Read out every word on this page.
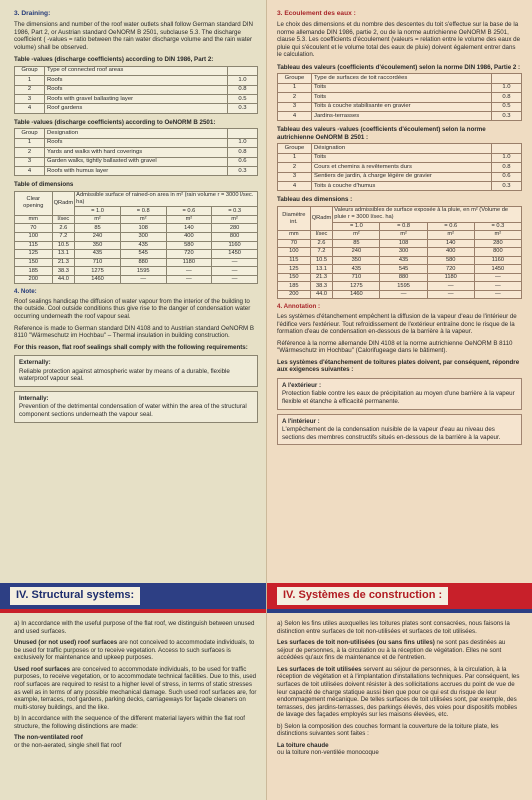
3. Draining:

The dimensions and number of the roof water outlets shall follow German standard DIN 1986, Part 2, or Austrian standard OeNORM B 2501, subclause 5.3. The discharge coefficient ( -values = ratio between the rain water discharge volume and the rain water volume) shall be observed.

Table -values (discharge coefficients) according to DIN 1986, Part 2:
Group	Type of connected roof areas	
1	Roofs	1.0
2	Roofs	0.8
3	Roofs with gravel ballasting layer	0.5
4	Roof gardens	0.3
Table -values (discharge coefficients) according to OeNORM B 2501:
Group	Designation	
1	Roofs	1.0
2	Yards and walks with hard coverings	0.8
3	Garden walks, tightly ballasted with gravel	0.6
4	Roofs with humus layer	0.3
Table of dimensions
Clear opening	QRadm	Admissible surface of rained-on area in m² (rain volume r = 3000 l/sec. ha)			
		= 1.0	= 0.8	= 0.6	= 0.3
mm	l/sec	m²	m²	m²	m²
70	2.6	85	108	140	280
100	7.2	240	300	400	800
115	10.5	350	435	580	1160
125	13.1	435	545	720	1450
150	21.3	710	880	1180	—
185	38.3	1275	1595	—	—
200	44.0	1460	—	—	—
4. Note:

Roof sealings handicap the diffusion of water vapour from the interior of the building to the outside. Cool outside conditions thus give rise to the danger of condensation water occurring underneath the roof vapour seal.

Reference is made to German standard DIN 4108 and to Austrian standard OeNORM B 8110 "Wärmeschutz im Hochbau" – Thermal insulation in building construction.

For this reason, flat roof sealings shall comply with the following requirements:

Externally:
Reliable protection against atmospheric water by means of a durable, flexible waterproof vapour seal.
Internally:
Prevention of the detrimental condensation of water within the area of the structural component sections underneath the vapour seal.
IV. Structural systems:

a) In accordance with the useful purpose of the flat roof, we distinguish between unused and used surfaces.

Unused (or not used) roof surfaces are not conceived to accommodate individuals, to be used for traffic purposes or to receive vegetation. Access to such surfaces is exclusively for maintenance and upkeep purposes.

Used roof surfaces are conceived to accommodate individuals, to be used for traffic purposes, to receive vegetation, or to accommodate technical facilities. Due to this, used roof surfaces are required to resist to a higher level of stress, in terms of static stresses as well as in terms of any possible mechanical damage. Such used roof surfaces are, for example, terraces, roof gardens, parking decks, carriageways for façade cleaners on multi-storey buildings, and the like.

b) In accordance with the sequence of the different material layers within the flat roof structure, the following distinctions are made:

The non-ventilated roof
or the non-aerated, single shell flat roof
3. Ecoulement des eaux :

Le choix des dimensions et du nombre des descentes du toit s'effectue sur la base de la norme allemande DIN 1986, partie 2, ou de la norme autrichienne OeNORM B 2501, clause 5.3. Les coefficients d'écoulement (valeurs = relation entre le volume des eaux de pluie qui s'écoulent et le volume total des eaux de pluie) doivent également entrer dans le calculation.

Tableau des valeurs (coefficients d'écoulement) selon la norme DIN 1986, Partie 2 :
Groupe	Type de surfaces de toit raccordées	
1	Toits	1.0
2	Toits	0.8
3	Toits à couche stabilisante en gravier	0.5
4	Jardins-terrasses	0.3
Tableau des valeurs -values (coefficients d'écoulement) selon la norme autrichienne OeNORM B 2501 :
Groupe	Désignation	
1	Toits	1.0
2	Cours et chemins à revêtements durs	0.8
3	Sentiers de jardin, à charge légère de gravier	0.6
4	Toits à couche d'humus	0.3
Tableau des dimensions :
Diamètre int.	QRadm	Valeurs admissibles de surface exposée à la pluie, en m² (Volume de pluie r = 3000 l/sec. ha)			
		= 1.0	= 0.8	= 0.6	= 0.3
mm	l/sec	m²	m²	m²	m²
70	2.6	85	108	140	280
100	7.2	240	300	400	800
115	10.5	350	435	580	1160
125	13.1	435	545	720	1450
150	21.3	710	880	1180	—
185	38.3	1275	1595	—	—
200	44.0	1460	—	—	—
4. Annotation :

Les systèmes d'étanchement empêchent la diffusion de la vapeur d'eau de l'intérieur de l'édifice vers l'extérieur. Tout refroidissement de l'extérieur entraîne donc le risque de la formation d'eau de condensation en-dessous de la barrière à la vapeur.

Référence à la norme allemande DIN 4108 et la norme autrichienne OeNORM B 8110 "Wärmeschutz im Hochbau" (Calorifugeage dans le bâtiment).

Les systèmes d'étanchement de toitures plates doivent, par conséquent, répondre aux exigences suivantes :

A l'extérieur :
Protection fiable contre les eaux de précipitation au moyen d'une barrière à la vapeur flexible et étanche à efficacité permanente.
A l'intérieur :
L'empêchement de la condensation nuisible de la vapeur d'eau au niveau des sections des membres constructifs situés en-dessous de la barrière à la vapeur.
IV. Systèmes de construction :

a) Selon les fins utiles auxquelles les toitures plates sont consacrées, nous faisons la distinction entre surfaces de toit non-utilisées et surfaces de toit utilisées.

Les surfaces de toit non-utilisées (ou sans fins utiles) ne sont pas destinées au séjour de personnes, à la circulation ou à la réception de végétation. Elles ne sont accédées qu'aux fins de maintenance et de l'entretien.

Les surfaces de toit utilisées servent au séjour de personnes, à la circulation, à la réception de végétation et à l'implantation d'installations techniques. Par conséquent, les surfaces de toit utilisées doivent résister à des sollicitations accrues du point de vue de leur capacité de charge statique aussi bien que pour ce qui est du risque de leur endommagement mécanique. De telles surfaces de toit utilisées sont, par exemple, des terrasses, des jardins-terrasses, des parkings élevés, des voies pour dispositifs mobiles de lavage des façades employés sur les maisons élevées, etc.

b) Selon la composition des couches formant la couverture de la toiture plate, les distinctions suivantes sont faites :

La toiture chaude
ou la toiture non-ventilée monocoque
